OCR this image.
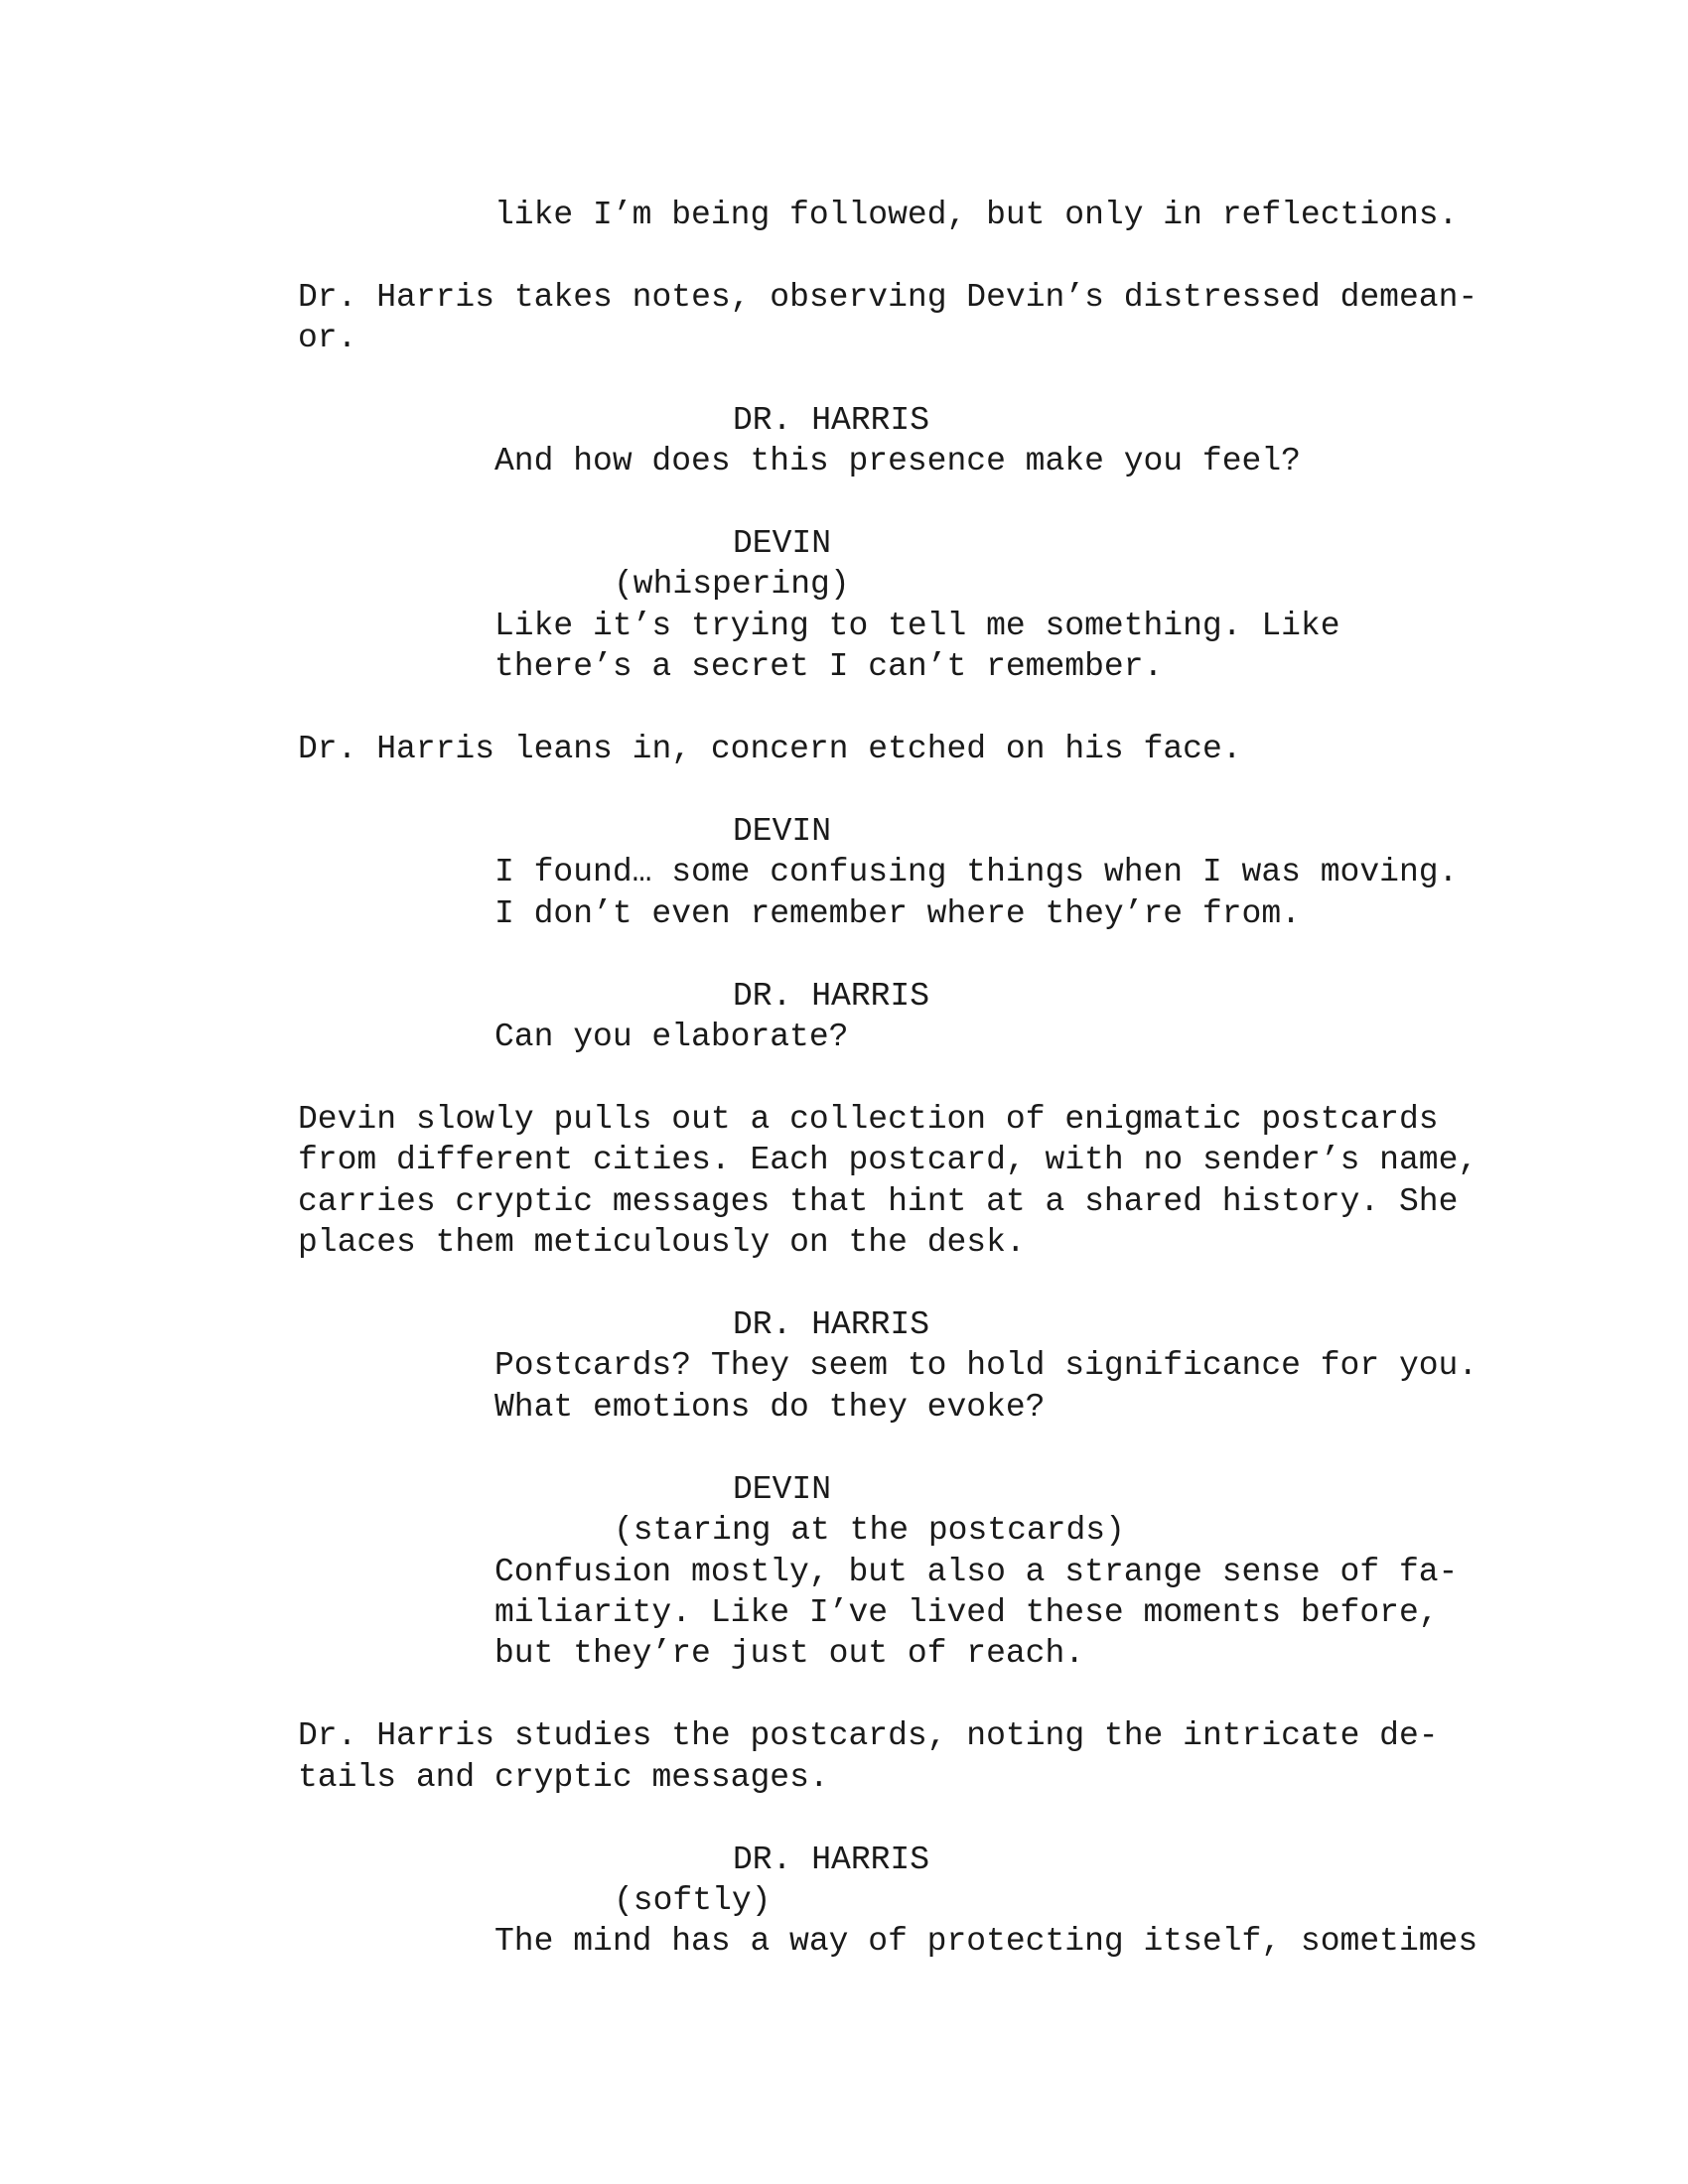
like I’m being followed, but only in reflections.
Dr. Harris takes notes, observing Devin’s distressed demean-
or.
DR. HARRIS
And how does this presence make you feel?
DEVIN
(whispering)
Like it’s trying to tell me something. Like
there’s a secret I can’t remember.
Dr. Harris leans in, concern etched on his face.
DEVIN
I found… some confusing things when I was moving.
I don’t even remember where they’re from.
DR. HARRIS
Can you elaborate?
Devin slowly pulls out a collection of enigmatic postcards
from different cities. Each postcard, with no sender’s name,
carries cryptic messages that hint at a shared history. She
places them meticulously on the desk.
DR. HARRIS
Postcards? They seem to hold significance for you.
What emotions do they evoke?
DEVIN
(staring at the postcards)
Confusion mostly, but also a strange sense of fa-
miliarity. Like I’ve lived these moments before,
but they’re just out of reach.
Dr. Harris studies the postcards, noting the intricate de-
tails and cryptic messages.
DR. HARRIS
(softly)
The mind has a way of protecting itself, sometimes
